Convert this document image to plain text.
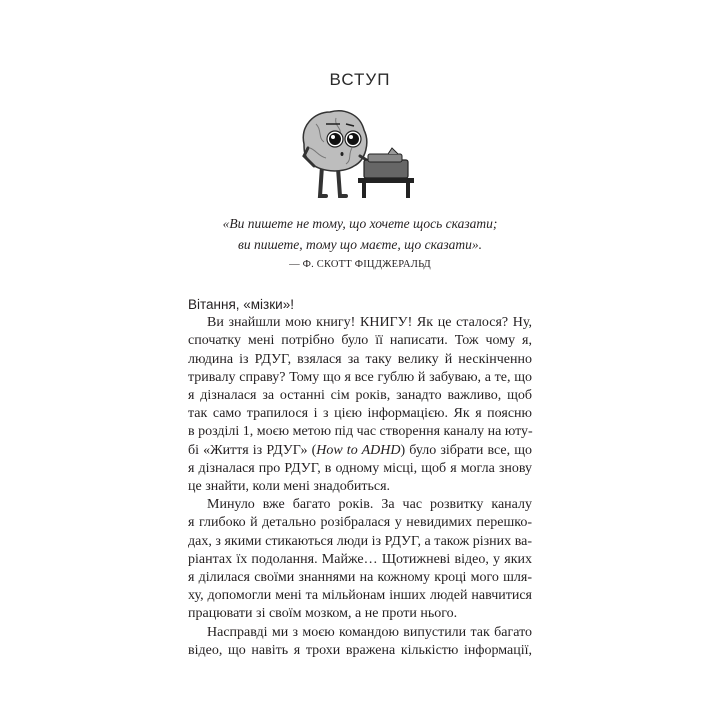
ВСТУП
«Ви пишете не тому, що хочете щось сказати;
ви пишете, тому що маєте, що сказати».
— Ф. СКОТТ ФІЦДЖЕРАЛЬД
Вітання, «мізки»!
Ви знайшли мою книгу! КНИГУ! Як це сталося? Ну,
спочатку мені потрібно було її написати. Тож чому я,
людина із РДУГ, взялася за таку велику й нескінченно
тривалу справу? Тому що я все гублю й забуваю, а те, що
я дізналася за останні сім років, занадто важливо, щоб
так само трапилося і з цією інформацією. Як я поясню
в розділі 1, моєю метою під час створення каналу на юту-
бі «Життя із РДУГ» (How to ADHD) було зібрати все, що
я дізналася про РДУГ, в одному місці, щоб я могла знову
це знайти, коли мені знадобиться.
Минуло вже багато років. За час розвитку каналу
я глибоко й детально розібралася у невидимих перешко-
дах, з якими стикаються люди із РДУГ, а також різних ва-
ріантах їх подолання. Майже… Щотижневі відео, у яких
я ділилася своїми знаннями на кожному кроці мого шля-
ху, допомогли мені та мільйонам інших людей навчитися
працювати зі своїм мозком, а не проти нього.
Насправді ми з моєю командою випустили так багато
відео, що навіть я трохи вражена кількістю інформації,
